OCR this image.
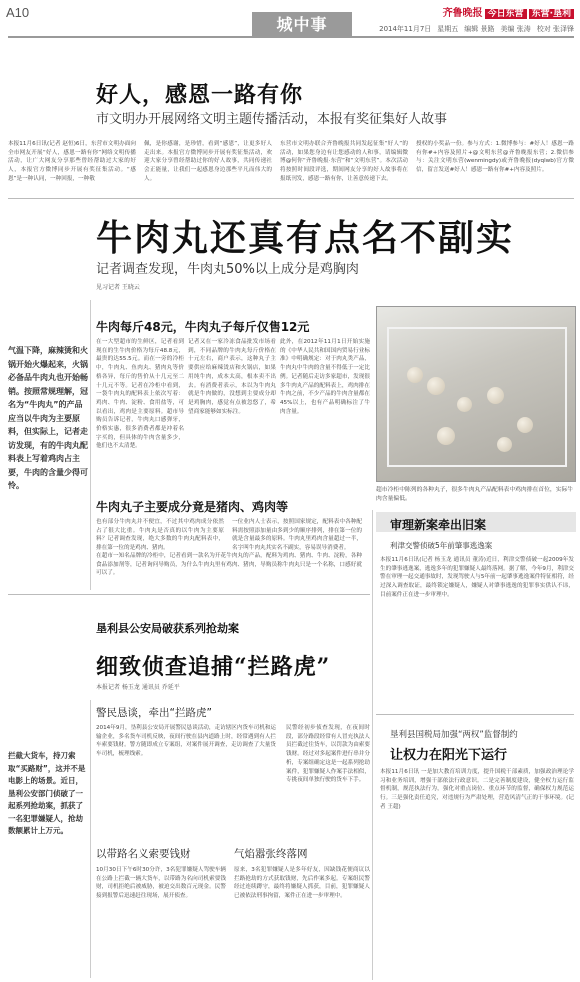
A10
城中事
齐鲁晚报 今日东营 东营·垦利
2014年11月7日 星期五 编辑 景路 美编 张涛 校对 张泽锋
好人，感恩一路有你
市文明办开展网络文明主题传播活动，本报有奖征集好人故事
本报11月6日讯(记者 赵恒)6日，东营市文明办面向全市网友开展“好人，感恩一路有你”网络文明传播活动，让广大网友分享那些曾经帮助过大家的好人，本报官方微博同步开展有奖征集活动。“感恩”是一种认同，一种回报，一种敬
佩，是你感谢，是珍惜，看到“感恩”，让更多好人走出来。本报官方微博同步开展有奖征集活动，欢迎大家分享曾经帮助过你的好人故事，共同传递社会正能量，让我们一起感恩身边那些平凡而伟大的人。
东营市文明办联合齐鲁晚报共同发起征集“好人”的活动，如果您身边有让您感动的人和事，请编辑微博@何你“齐鲁晚报·东营”和“文明东营”。本次活动将按照时间段评选，期间网友分享的好人故事将在报纸刊发，感恩一路有你，让善意传递下去。
授权的小奖品一份。参与方式：1.微博参与：#好人！感恩一路有你#+内容及照片+@文明东营@齐鲁晚报东营；2.微信参与：关注文明东营(wenmingdy)或齐鲁晚报(dyqlwb)官方微信，留言发送#好人！感恩一路有你#+内容及照片。
牛肉丸还真有点名不副实
记者调查发现，牛肉丸50%以上成分是鸡胸肉
见习记者 王晓云
气温下降，麻辣烫和火锅开始火爆起来，火锅必备品牛肉丸也开始畅销。按照常规理解，冠名为“牛肉丸”的产品应当以牛肉为主要原料，但实际上，记者走访发现，有的牛肉丸配料表上写着鸡肉占主要，牛肉的含量少得可怜。
牛肉每斤48元，牛肉丸子每斤仅售12元
在一大型超市的生鲜区，记者看到现在的生牛肉价格为每斤48.8元，最贵的达55.5元。而在一旁的冷柜中，牛肉丸、鱼肉丸、猪肉丸等价格各异，每斤的售价从十几元至二十几元不等。记者在冷柜中看到，一袋牛肉丸的配料表上依次写着：鸡肉、牛肉、淀粉、食用盐等，可以看出，鸡肉是主要原料。超市导购员告诉记者，牛肉丸口感弹牙，价格实惠，很多消费者都是冲着名字买的，但具体的牛肉含量多少，他们也不太清楚。
记者又在一家冷冻食品批发市场看到，不同品牌的牛肉丸每斤价格在十元左右，商户表示，这种丸子主要供应给麻辣烫店和火锅店，如果用纯牛肉，成本太高，根本卖不出去。有消费者表示，本以为牛肉丸就是牛肉做的，没想到主要成分却是鸡胸肉，感觉有点被忽悠了，希望商家能够如实标注。
此外，在2012年11月1日开始实施的《中华人民共和国国内贸易行业标准》中明确规定：对于肉丸类产品，牛肉丸中牛肉的含量不得低于一定比例。记者随后走访多家超市，发现很多牛肉丸产品的配料表上，鸡肉排在牛肉之前，不少产品的牛肉含量都在45%以上，也有产品明确标注了牛肉含量。
超市冷柜中陈列的各种丸子，很多牛肉丸产品配料表中鸡肉排在首位，实际牛肉含量偏低。
牛肉丸子主要成分竟是猪肉、鸡肉等
也有部分牛肉丸并不便宜，不过其中鸡肉成分依然占了很大比重。牛肉丸是否真的以牛肉为主要原料？记者调查发现，绝大多数的牛肉丸配料表中，排在第一位的是鸡肉、猪肉。
一位业内人士表示，按照国家规定，配料表中各种配料需按照添加量由多到少的顺序排列，排在第一位的就是含量最多的原料。牛肉丸里鸡肉含量超过一半，名字叫牛肉丸其实名不副实，容易误导消费者。
在超市一知名品牌的冷柜中，记者看到一款名为开花牛肉丸的产品，配料为鸡肉、猪肉、牛肉、淀粉，各种食品添加剂等，记者询问导购员，为什么牛肉丸里有鸡肉、猪肉，导购员称牛肉丸只是一个名称，口感好就可以了。
垦利县公安局破获系列抢劫案
细致侦查追捕“拦路虎”
本报记者 杨玉龙 通讯员 乔延平
拦截大货车，持刀索取“买路财”，这并不是电影上的场景。近日，垦利公安部门侦破了一起系列抢劫案，抓获了一名犯罪嫌疑人，抢劫数额累计上万元。
警民恳谈，牵出“拦路虎”
2014年9月，垦利县公安局开展警民恳谈活动，走访辖区内货车司机和运输企业，多名货车司机反映，夜间行驶在县内道路上时，经常遇到有人拦车索要钱财。警方随即成立专案组，对案件展开调查，走访调查了大量货车司机，梳理线索。
民警经初步侦查发现，在夜间时段，部分路段经常有人冒充执法人员拦截过往货车，以罚款为由索要钱财。经过对多起案件进行串并分析，专案组确定这是一起系列抢劫案件，犯罪嫌疑人作案手法相似，专挑夜间单独行驶的货车下手。
以带路名义索要钱财	气焰嚣张终落网
10月30日下午6时30分许，3名犯罪嫌疑人驾驶车辆在公路上拦截一辆大货车，以带路为名向司机索要钱财，司机拒绝后被威胁，被迫交出数百元现金。民警接到报警后迅速赶往现场，展开侦查。
原来，3名犯罪嫌疑人是多年好友，因缺钱花便商议以拦路抢劫的方式获取钱财，先后作案多起。专案组民警经过连续蹲守，最终将嫌疑人抓获，目前，犯罪嫌疑人已被依法刑事拘留，案件正在进一步审理中。
审理新案牵出旧案
利津交警侦破5年前肇事逃逸案
本报11月6日讯(记者 杨玉龙 通讯员 董涛)近日，利津交警侦破一起2009年发生的肇事逃逸案，逃逸多年的犯罪嫌疑人最终落网。据了解，今年9月，利津交警在审理一起交通事故时，发现驾驶人与5年前一起肇事逃逸案件特征相符，经过深入调查取证，最终锁定嫌疑人，嫌疑人对肇事逃逸的犯罪事实供认不讳，目前案件正在进一步审理中。
垦利县国税局加强“两权”监督制约
让权力在阳光下运行
本报11月6日讯 一是加大教育培训力度，提升国税干部素质，加强政治理论学习和业务培训，增强干部依法行政意识。二是完善制度建设，健全权力运行监督机制，规范执法行为，强化对重点岗位、重点环节的监督，确保权力规范运行。三是强化责任追究，对违规行为严肃处理，营造风清气正的干事环境。(记者 王超)
